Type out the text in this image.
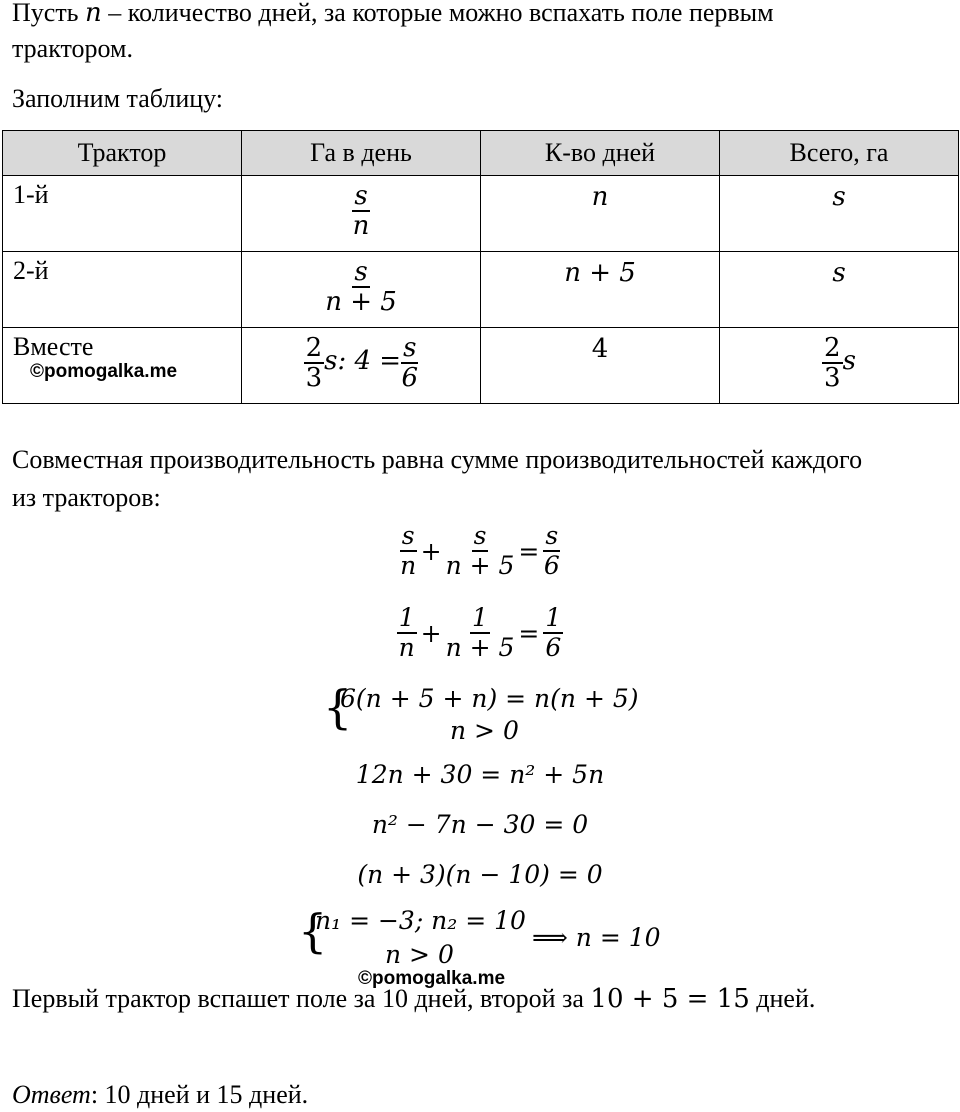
Пусть n – количество дней, за которые можно вспахать поле первым
трактором.
Заполним таблицу:
Трактор	Га в день	К-во дней	Всего, га
1-й	$\frac{s}{n}$	n	s
2-й	$\frac{s}{n + 5}$	n + 5	s
Вместе	$\frac{2}{3} s$: $4 = \frac{s}{6}$	4	$\frac{2}{3}$ s
©pomogalka.me
Совместная производительность равна сумме производительностей каждого
из тракторов:
$\frac{s}{n} + \frac{s}{n + 5} = \frac{s}{6}$
$\frac{1}{n} + \frac{1}{n + 5} = \frac{1}{6}$
{
6(n + 5 + n) = n(n + 5)
n > 0
12n + 30 = n² + 5n
n² − 7n − 30 = 0
(n + 3)(n − 10) = 0
{
n₁ = −3; n₂ = 10
n > 0
⟹ n = 10
©pomogalka.me
Первый трактор вспашет поле за 10 дней, второй за 10 + 5 = 15 дней.
Ответ: 10 дней и 15 дней.
